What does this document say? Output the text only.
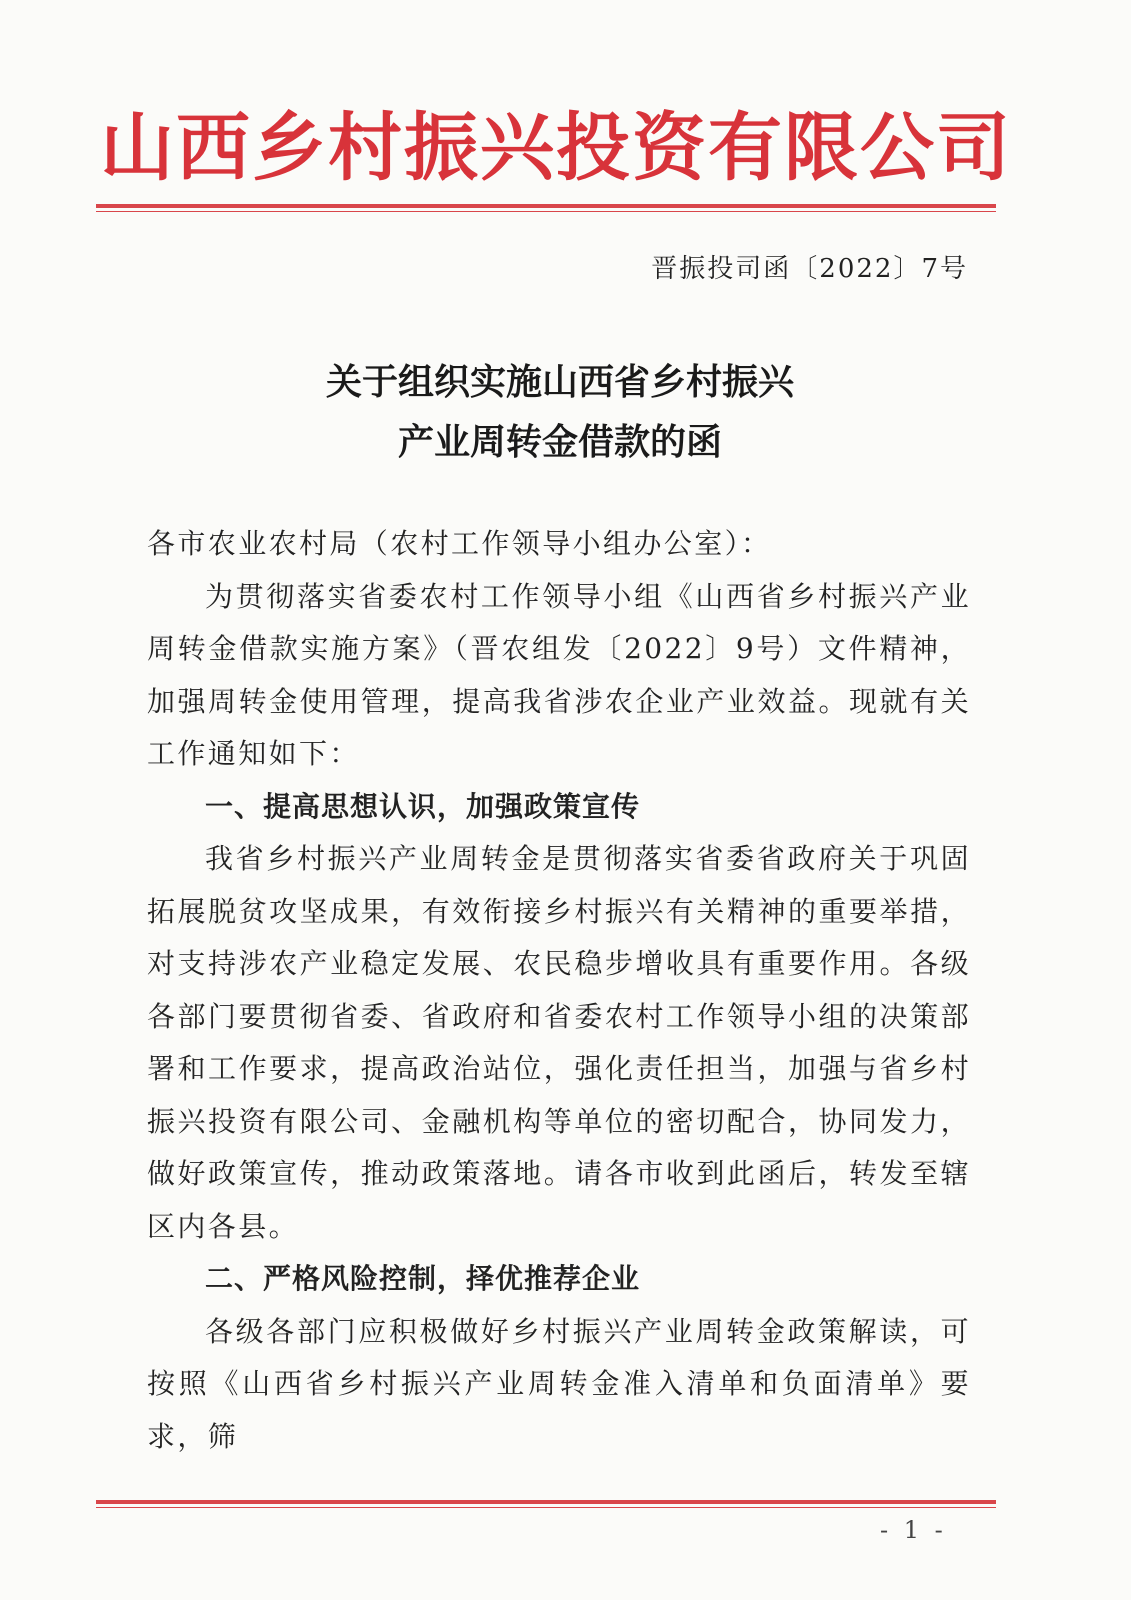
山西乡村振兴投资有限公司
晋振投司函〔2022〕7号
关于组织实施山西省乡村振兴
产业周转金借款的函

各市农业农村局（农村工作领导小组办公室）：

为贯彻落实省委农村工作领导小组《山西省乡村振兴产业周转金借款实施方案》（晋农组发〔2022〕9号）文件精神，加强周转金使用管理，提高我省涉农企业产业效益。现就有关工作通知如下：

一、提高思想认识，加强政策宣传

我省乡村振兴产业周转金是贯彻落实省委省政府关于巩固拓展脱贫攻坚成果，有效衔接乡村振兴有关精神的重要举措，对支持涉农产业稳定发展、农民稳步增收具有重要作用。各级各部门要贯彻省委、省政府和省委农村工作领导小组的决策部署和工作要求，提高政治站位，强化责任担当，加强与省乡村振兴投资有限公司、金融机构等单位的密切配合，协同发力，做好政策宣传，推动政策落地。请各市收到此函后，转发至辖区内各县。

二、严格风险控制，择优推荐企业

各级各部门应积极做好乡村振兴产业周转金政策解读，可按照《山西省乡村振兴产业周转金准入清单和负面清单》要求，筛

- 1 -
